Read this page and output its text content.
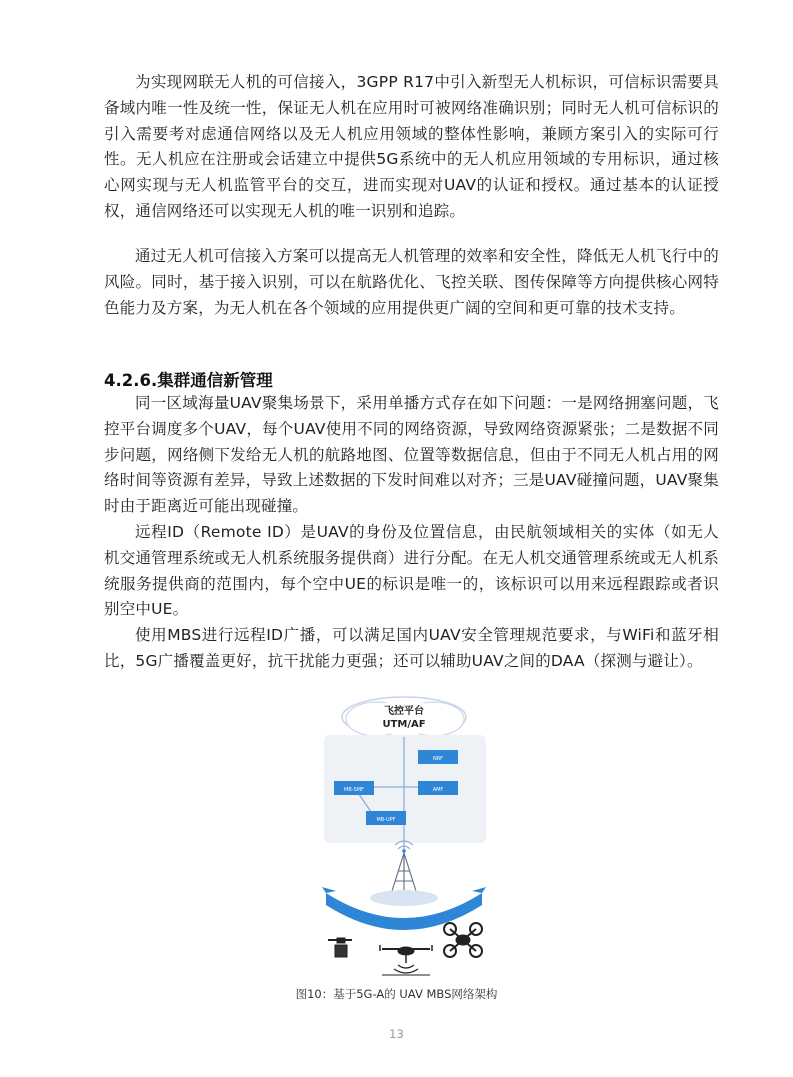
为实现网联无人机的可信接入，3GPP R17中引入新型无人机标识，可信标识需要具备域内唯一性及统一性，保证无人机在应用时可被网络准确识别；同时无人机可信标识的引入需要考对虑通信网络以及无人机应用领域的整体性影响，兼顾方案引入的实际可行性。无人机应在注册或会话建立中提供5G系统中的无人机应用领域的专用标识，通过核心网实现与无人机监管平台的交互，进而实现对UAV的认证和授权。通过基本的认证授权，通信网络还可以实现无人机的唯一识别和追踪。

通过无人机可信接入方案可以提高无人机管理的效率和安全性，降低无人机飞行中的风险。同时，基于接入识别，可以在航路优化、飞控关联、图传保障等方向提供核心网特色能力及方案，为无人机在各个领域的应用提供更广阔的空间和更可靠的技术支持。

4.2.6.集群通信新管理

同一区域海量UAV聚集场景下，采用单播方式存在如下问题：一是网络拥塞问题，飞控平台调度多个UAV，每个UAV使用不同的网络资源，导致网络资源紧张；二是数据不同步问题，网络侧下发给无人机的航路地图、位置等数据信息，但由于不同无人机占用的网络时间等资源有差异，导致上述数据的下发时间难以对齐；三是UAV碰撞问题，UAV聚集时由于距离近可能出现碰撞。

远程ID（Remote ID）是UAV的身份及位置信息，由民航领域相关的实体（如无人机交通管理系统或无人机系统服务提供商）进行分配。在无人机交通管理系统或无人机系统服务提供商的范围内，每个空中UE的标识是唯一的，该标识可以用来远程跟踪或者识别空中UE。

使用MBS进行远程ID广播，可以满足国内UAV安全管理规范要求，与WiFi和蓝牙相比，5G广播覆盖更好，抗干扰能力更强；还可以辅助UAV之间的DAA（探测与避让）。

飞控平台
UTM/AF
NRF
MB-SMF	AMF
MB-UPF
图10：基于5G-A的 UAV MBS网络架构
13
